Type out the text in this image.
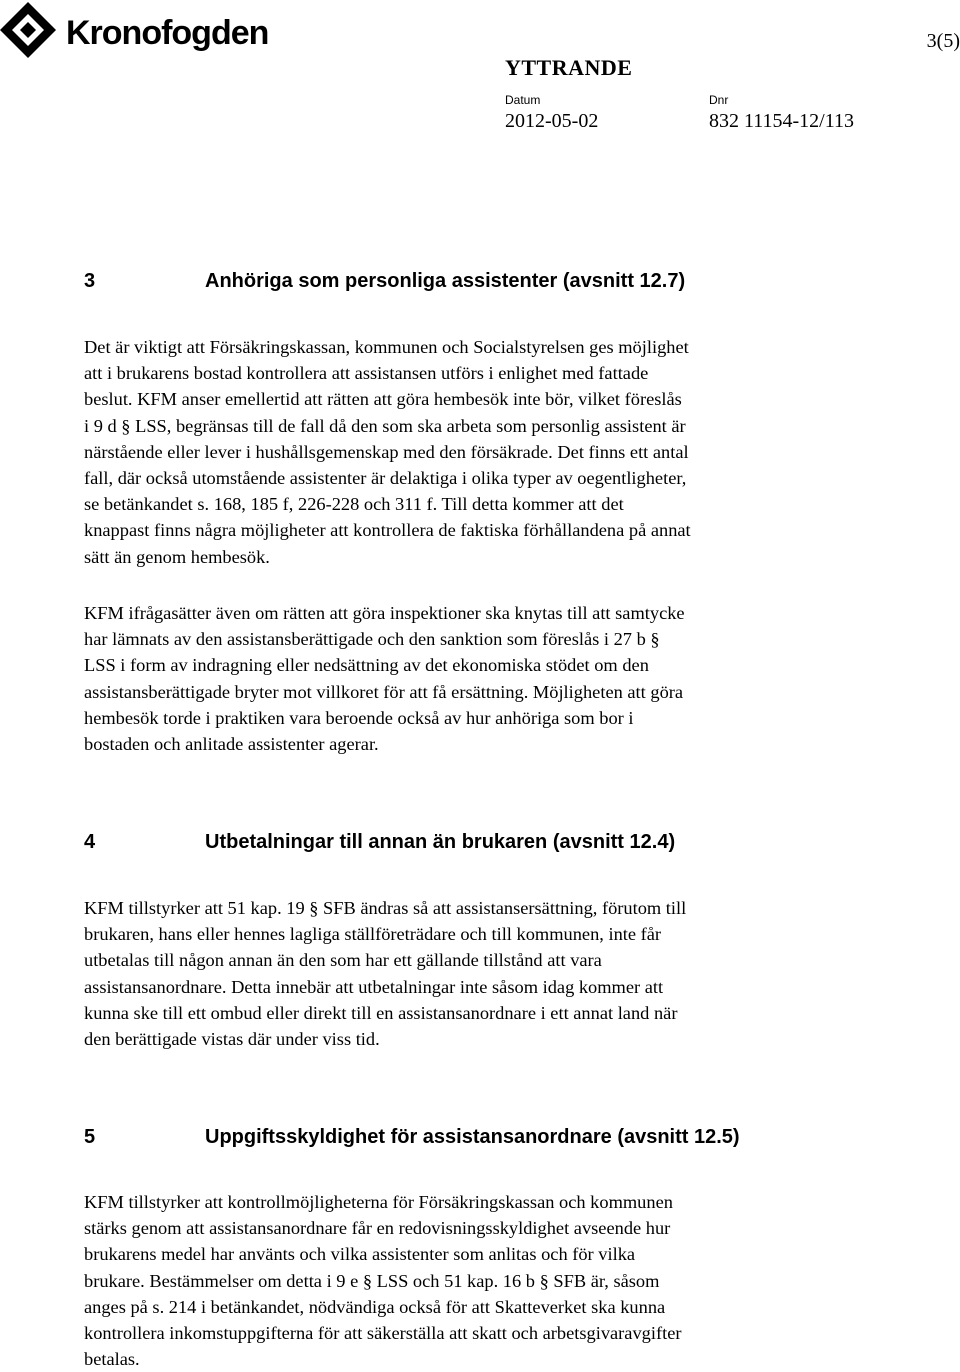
Kronofogden	3(5)
YTTRANDE
Datum
2012-05-02
Dnr
832 11154-12/113
3	Anhöriga som personliga assistenter (avsnitt 12.7)
Det är viktigt att Försäkringskassan, kommunen och Socialstyrelsen ges möjlighet
att i brukarens bostad kontrollera att assistansen utförs i enlighet med fattade
beslut. KFM anser emellertid att rätten att göra hembesök inte bör, vilket föreslås
i 9 d § LSS, begränsas till de fall då den som ska arbeta som personlig assistent är
närstående eller lever i hushållsgemenskap med den försäkrade. Det finns ett antal
fall, där också utomstående assistenter är delaktiga i olika typer av oegentligheter,
se betänkandet s. 168, 185 f, 226-228 och 311 f. Till detta kommer att det
knappast finns några möjligheter att kontrollera de faktiska förhållandena på annat
sätt än genom hembesök.
KFM ifrågasätter även om rätten att göra inspektioner ska knytas till att samtycke
har lämnats av den assistansberättigade och den sanktion som föreslås i 27 b §
LSS i form av indragning eller nedsättning av det ekonomiska stödet om den
assistansberättigade bryter mot villkoret för att få ersättning. Möjligheten att göra
hembesök torde i praktiken vara beroende också av hur anhöriga som bor i
bostaden och anlitade assistenter agerar.
4	Utbetalningar till annan än brukaren (avsnitt 12.4)
KFM tillstyrker att 51 kap. 19 § SFB ändras så att assistansersättning, förutom till
brukaren, hans eller hennes lagliga ställföreträdare och till kommunen, inte får
utbetalas till någon annan än den som har ett gällande tillstånd att vara
assistansanordnare. Detta innebär att utbetalningar inte såsom idag kommer att
kunna ske till ett ombud eller direkt till en assistansanordnare i ett annat land när
den berättigade vistas där under viss tid.
5	Uppgiftsskyldighet för assistansanordnare (avsnitt 12.5)
KFM tillstyrker att kontrollmöjligheterna för Försäkringskassan och kommunen
stärks genom att assistansanordnare får en redovisningsskyldighet avseende hur
brukarens medel har använts och vilka assistenter som anlitas och för vilka
brukare. Bestämmelser om detta i 9 e § LSS och 51 kap. 16 b § SFB är, såsom
anges på s. 214 i betänkandet, nödvändiga också för att Skatteverket ska kunna
kontrollera inkomstuppgifterna för att säkerställa att skatt och arbetsgivaravgifter
betalas.
